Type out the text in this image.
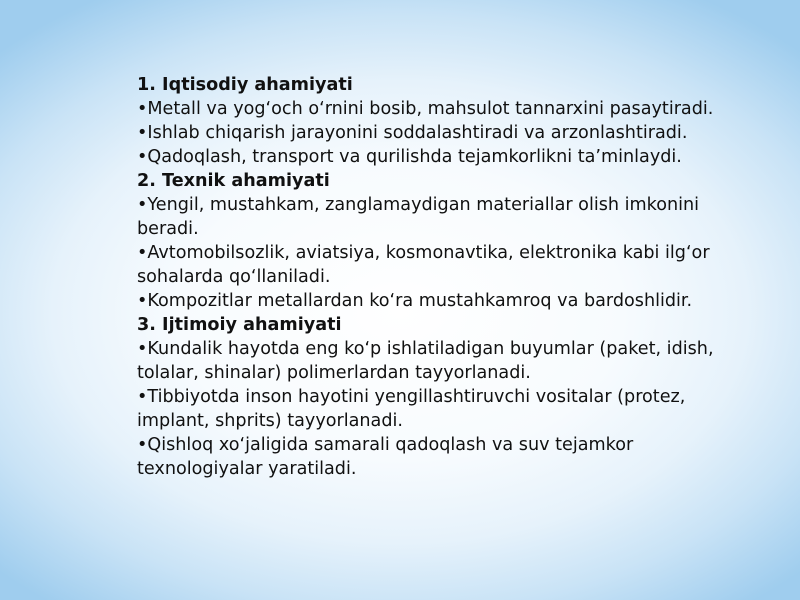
1. Iqtisodiy ahamiyati
•Metall va yog‘och o‘rnini bosib, mahsulot tannarxini pasaytiradi.
•Ishlab chiqarish jarayonini soddalashtiradi va arzonlashtiradi.
•Qadoqlash, transport va qurilishda tejamkorlikni ta’minlaydi.
2. Texnik ahamiyati
•Yengil, mustahkam, zanglamaydigan materiallar olish imkonini beradi.
•Avtomobilsozlik, aviatsiya, kosmonavtika, elektronika kabi ilg‘or sohalarda qo‘llaniladi.
•Kompozitlar metallardan ko‘ra mustahkamroq va bardoshlidir.
3. Ijtimoiy ahamiyati
•Kundalik hayotda eng ko‘p ishlatiladigan buyumlar (paket, idish, tolalar, shinalar) polimerlardan tayyorlanadi.
•Tibbiyotda inson hayotini yengillashtiruvchi vositalar (protez, implant, shprits) tayyorlanadi.
•Qishloq xo‘jaligida samarali qadoqlash va suv tejamkor texnologiyalar yaratiladi.
